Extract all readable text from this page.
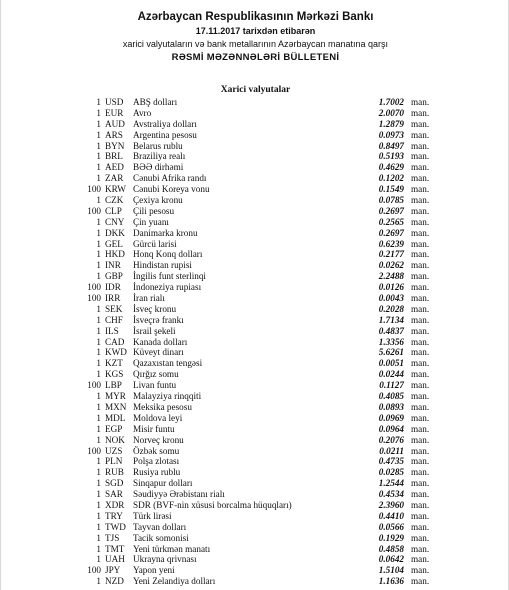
Azərbaycan Respublikasının Mərkəzi Bankı
17.11.2017 tarixdən etibarən
xarici valyutaların və bank metallarının Azərbaycan manatına qarşı
RƏSMİ MƏZƏNNƏLƏRİ BÜLLETENİ
Xarici valyutalar
1 USD	ABŞ dolları	1.7002 man.
1 EUR	Avro	2.0070 man.
1 AUD Avstraliya dolları	1.2879 man.
1 ARS	Argentina pesosu	0.0973 man.
1 BYN Belarus rublu	0.8497 man.
1 BRL	Braziliya realı	0.5193 man.
1 AED BƏƏ dirhəmi	0.4629 man.
1 ZAR	Cənubi Afrika randı	0.1202 man.
100 KRW Cənubi Koreya vonu	0.1549 man.
1 CZK	Çexiya kronu	0.0785 man.
100 CLP	Çili pesosu	0.2697 man.
1 CNY Çin yuanı	0.2565 man.
1 DKK Danimarka kronu	0.2697 man.
1 GEL	Gürcü larisi	0.6239 man.
1 HKD Honq Konq dolları	0.2177 man.
1 INR	Hindistan rupisi	0.0262 man.
1 GBP	İngilis funt sterlinqi	2.2488 man.
100 IDR	İndoneziya rupiası	0.0126 man.
100 IRR	İran rialı	0.0043 man.
1 SEK	İsveç kronu	0.2028 man.
1 CHF	İsveçrə frankı	1.7134 man.
1 ILS	İsrail şekeli	0.4837 man.
1 CAD Kanada dolları	1.3356 man.
1 KWD Küveyt dinarı	5.6261 man.
1 KZT	Qazaxıstan tengəsi	0.0051 man.
1 KGS	Qırğız somu	0.0244 man.
100 LBP	Livan funtu	0.1127 man.
1 MYR Malayziya rinqqiti	0.4085 man.
1 MXN Meksika pesosu	0.0893 man.
1 MDL Moldova leyi	0.0969 man.
1 EGP	Misir funtu	0.0964 man.
1 NOK Norveç kronu	0.2076 man.
100 UZS	Özbək somu	0.0211 man.
1 PLN	Polşa zlotası	0.4735 man.
1 RUB Rusiya rublu	0.0285 man.
1 SGD	Sinqapur dolları	1.2544 man.
1 SAR	Səudiyyə Ərəbistanı rialı	0.4534 man.
1 XDR SDR (BVF-nin xüsusi borcalma hüquqları)	2.3960 man.
1 TRY	Türk lirəsi	0.4410 man.
1 TWD Tayvan dolları	0.0566 man.
1 TJS	Tacik somonisi	0.1929 man.
1 TMT Yeni türkmən manatı	0.4858 man.
1 UAH Ukrayna qrivnası	0.0642 man.
100 JPY	Yapon yeni	1.5104 man.
1 NZD Yeni Zelandiya dolları	1.1636 man.
